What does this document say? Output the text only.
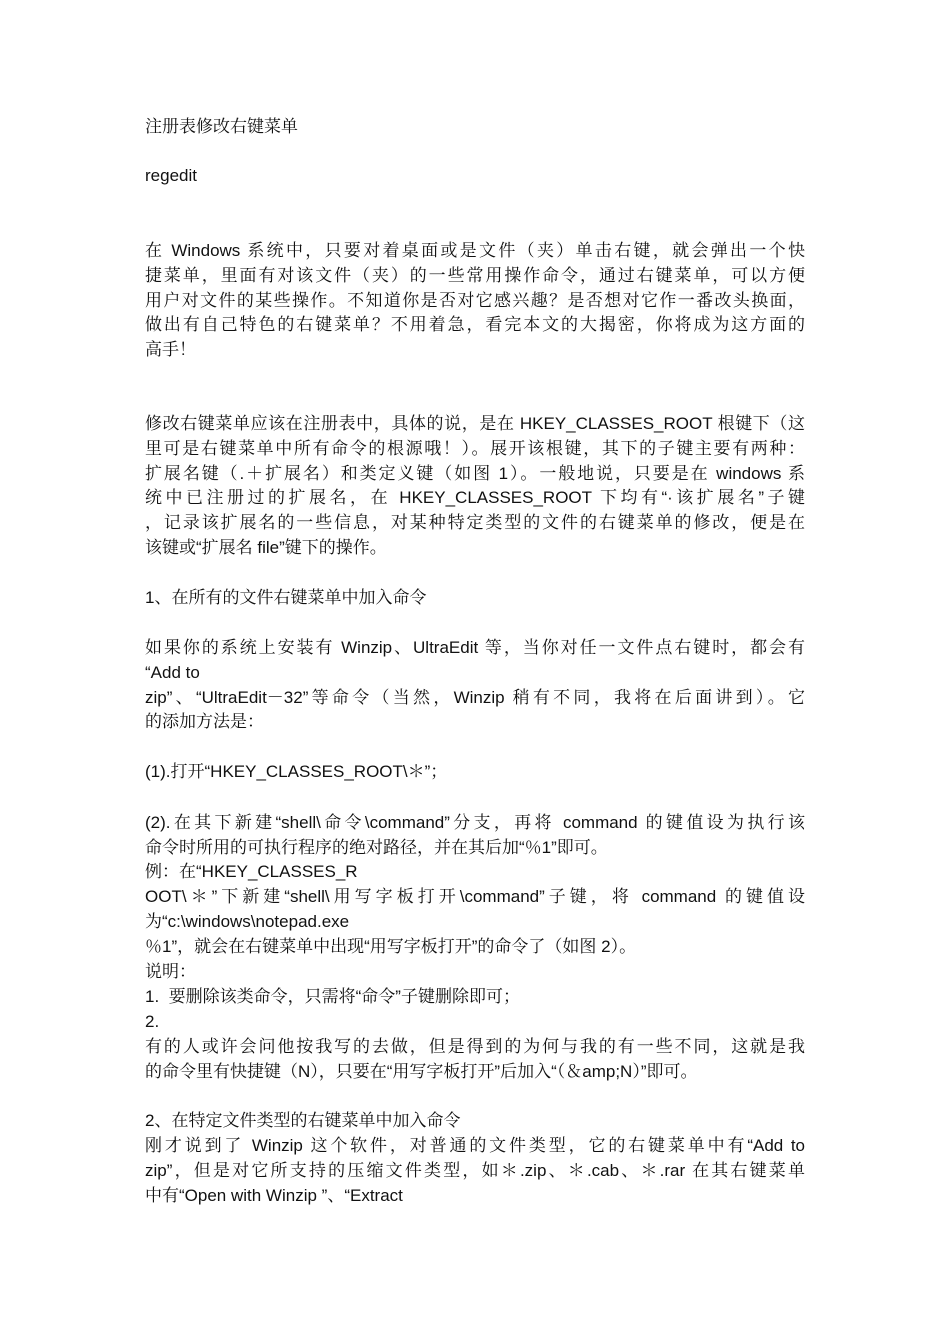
注册表修改右键菜单
regedit
在 Windows 系统中，只要对着桌面或是文件（夹）单击右键，就会弹出一个快
捷菜单，里面有对该文件（夹）的一些常用操作命令，通过右键菜单，可以方便
用户对文件的某些操作。不知道你是否对它感兴趣？是否想对它作一番改头换面，
做出有自己特色的右键菜单？不用着急，看完本文的大揭密，你将成为这方面的
高手！
修改右键菜单应该在注册表中，具体的说，是在 HKEY_CLASSES_ROOT 根键下（这
里可是右键菜单中所有命令的根源哦！）。展开该根键，其下的子键主要有两种：
扩展名键（.＋扩展名）和类定义键（如图 1）。一般地说，只要是在 windows 系
统中已注册过的扩展名，在 HKEY_CLASSES_ROOT 下均有“·该扩展名”子键
，记录该扩展名的一些信息，对某种特定类型的文件的右键菜单的修改，便是在
该键或“扩展名 file”键下的操作。
1、在所有的文件右键菜单中加入命令
如果你的系统上安装有 Winzip、UltraEdit 等，当你对任一文件点右键时，都会有
“Add to
zip”、“UltraEdit－32”等命令（当然，Winzip 稍有不同，我将在后面讲到）。它
的添加方法是：
(1).打开“HKEY_CLASSES_ROOT\＊”；
(2).在其下新建“shell\命令\command”分支，再将 command 的键值设为执行该
命令时所用的可执行程序的绝对路径，并在其后加“％1”即可。
例：在“HKEY_CLASSES_R
OOT\＊”下新建“shell\用写字板打开\command”子键，将 command 的键值设
为“c:\windows\notepad.exe
％1”，就会在右键菜单中出现“用写字板打开”的命令了（如图 2）。
说明：
1.  要删除该类命令，只需将“命令”子键删除即可；
2.
有的人或许会问他按我写的去做，但是得到的为何与我的有一些不同，这就是我
的命令里有快捷键（N），只要在“用写字板打开”后加入“（＆amp;N）”即可。
2、在特定文件类型的右键菜单中加入命令
刚才说到了 Winzip 这个软件，对普通的文件类型，它的右键菜单中有“Add to
zip”，但是对它所支持的压缩文件类型，如＊.zip、＊.cab、＊.rar 在其右键菜单
中有“Open with Winzip ”、“Extract
